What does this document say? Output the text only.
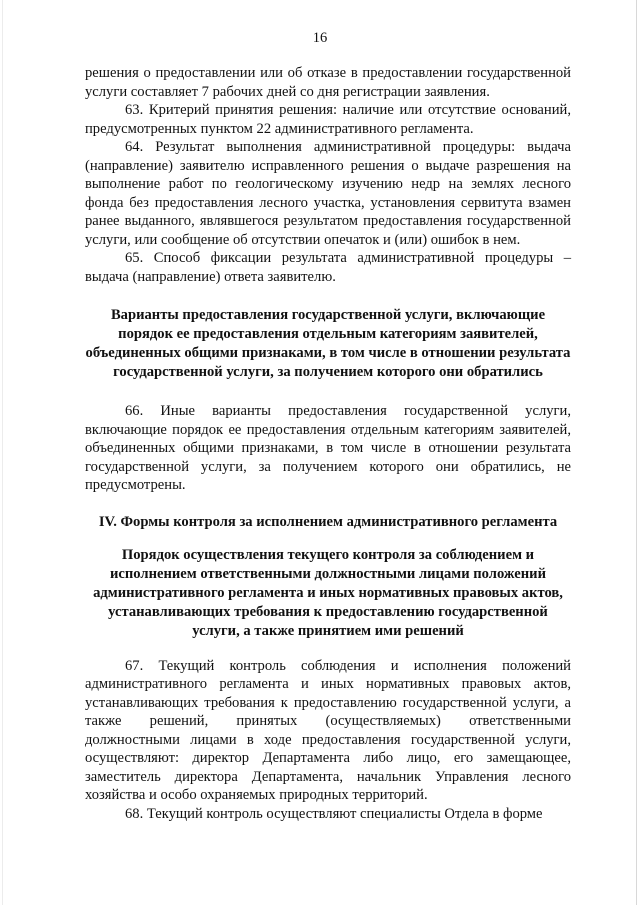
16

решения о предоставлении или об отказе в предоставлении государственной услуги составляет 7 рабочих дней со дня регистрации заявления.

63. Критерий принятия решения: наличие или отсутствие оснований, предусмотренных пунктом 22 административного регламента.

64. Результат выполнения административной процедуры: выдача (направление) заявителю исправленного решения о выдаче разрешения на выполнение работ по геологическому изучению недр на землях лесного фонда без предоставления лесного участка, установления сервитута взамен ранее выданного, являвшегося результатом предоставления государственной услуги, или сообщение об отсутствии опечаток и (или) ошибок в нем.

65. Способ фиксации результата административной процедуры – выдача (направление) ответа заявителю.

Варианты предоставления государственной услуги, включающие порядок ее предоставления отдельным категориям заявителей, объединенных общими признаками, в том числе в отношении результата государственной услуги, за получением которого они обратились

66. Иные варианты предоставления государственной услуги, включающие порядок ее предоставления отдельным категориям заявителей, объединенных общими признаками, в том числе в отношении результата государственной услуги, за получением которого они обратились, не предусмотрены.

IV. Формы контроля за исполнением административного регламента
Порядок осуществления текущего контроля за соблюдением и исполнением ответственными должностными лицами положений административного регламента и иных нормативных правовых актов, устанавливающих требования к предоставлению государственной услуги, а также принятием ими решений

67. Текущий контроль соблюдения и исполнения положений административного регламента и иных нормативных правовых актов, устанавливающих требования к предоставлению государственной услуги, а также решений, принятых (осуществляемых) ответственными должностными лицами в ходе предоставления государственной услуги, осуществляют: директор Департамента либо лицо, его замещающее, заместитель директора Департамента, начальник Управления лесного хозяйства и особо охраняемых природных территорий.

68. Текущий контроль осуществляют специалисты Отдела в форме
